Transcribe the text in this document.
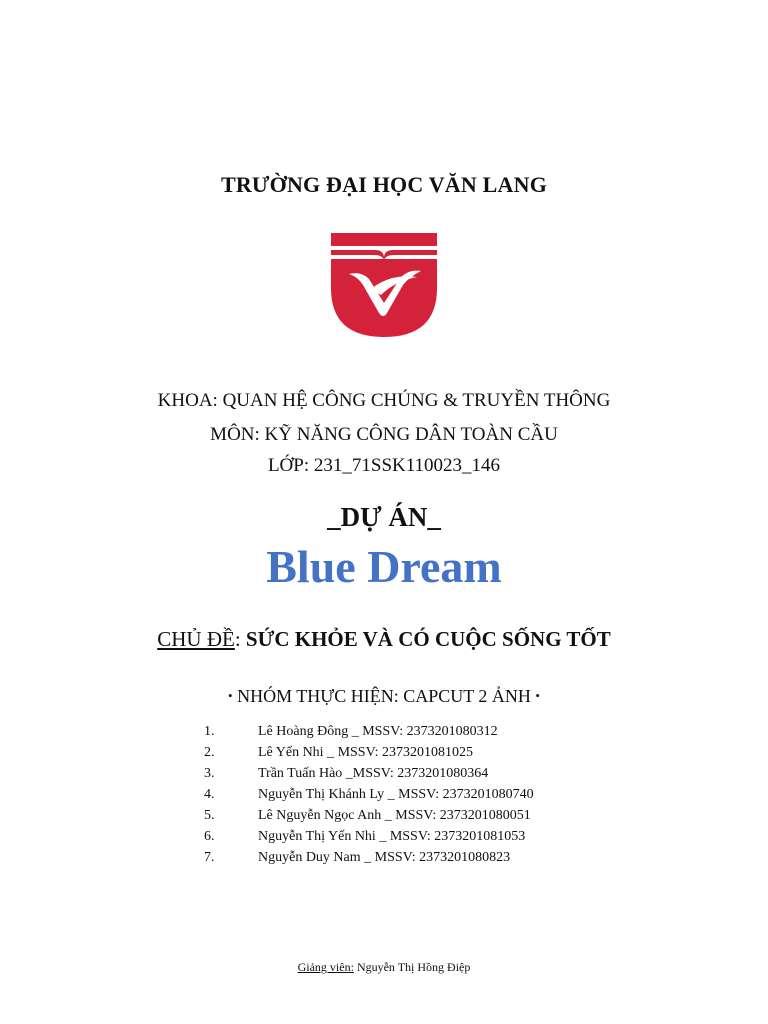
TRƯỜNG ĐẠI HỌC VĂN LANG
KHOA: QUAN HỆ CÔNG CHÚNG & TRUYỀN THÔNG
MÔN: KỸ NĂNG CÔNG DÂN TOÀN CẦU
LỚP: 231_71SSK110023_146
_DỰ ÁN_
Blue Dream
CHỦ ĐỀ: SỨC KHỎE VÀ CÓ CUỘC SỐNG TỐT
• NHÓM THỰC HIỆN: CAPCUT 2 ẢNH •
1.	Lê Hoàng Đông _ MSSV: 2373201080312
2.	Lê Yến Nhi _ MSSV: 2373201081025
3.	Trần Tuấn Hào _MSSV: 2373201080364
4.	Nguyễn Thị Khánh Ly _ MSSV: 2373201080740
5.	Lê Nguyễn Ngọc Anh _ MSSV: 2373201080051
6.	Nguyễn Thị Yến Nhi _ MSSV: 2373201081053
7.	Nguyễn Duy Nam _ MSSV: 2373201080823
Giảng viên: Nguyễn Thị Hồng Điệp
